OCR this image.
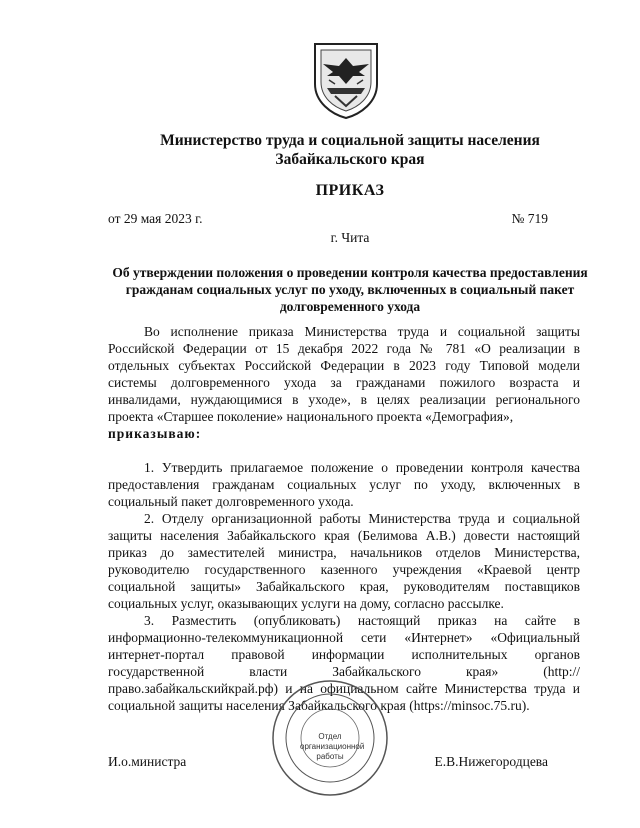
Министерство труда и социальной защиты населения
Забайкальского края
ПРИКАЗ
от 29 мая 2023 г.	№ 719
г. Чита
Об утверждении положения о проведении контроля качества предоставления гражданам социальных услуг по уходу, включенных в социальный пакет долговременного ухода

Во исполнение приказа Министерства труда и социальной защиты Российской Федерации от 15 декабря 2022 года № 781 «О реализации в отдельных субъектах Российской Федерации в 2023 году Типовой модели системы долговременного ухода за гражданами пожилого возраста и инвалидами, нуждающимися в уходе», в целях реализации регионального проекта «Старшее поколение» национального проекта «Демография»,
приказываю:

1. Утвердить прилагаемое положение о проведении контроля качества предоставления гражданам социальных услуг по уходу, включенных в социальный пакет долговременного ухода.

2. Отделу организационной работы Министерства труда и социальной защиты населения Забайкальского края (Белимова А.В.) довести настоящий приказ до заместителей министра, начальников отделов Министерства, руководителю государственного казенного учреждения «Краевой центр социальной защиты» Забайкальского края, руководителям поставщиков социальных услуг, оказывающих услуги на дому, согласно рассылке.

3. Разместить (опубликовать) настоящий приказ на сайте в информационно-телекоммуникационной сети «Интернет» «Официальный интернет-портал правовой информации исполнительных органов государственной власти Забайкальского края» (http://право.забайкальскийкрай.рф) и на официальном сайте Министерства труда и социальной защиты населения Забайкальского края (https://minsoc.75.ru).

Отдел
организационной
работы
И.о.министра	Е.В.Нижегородцева
